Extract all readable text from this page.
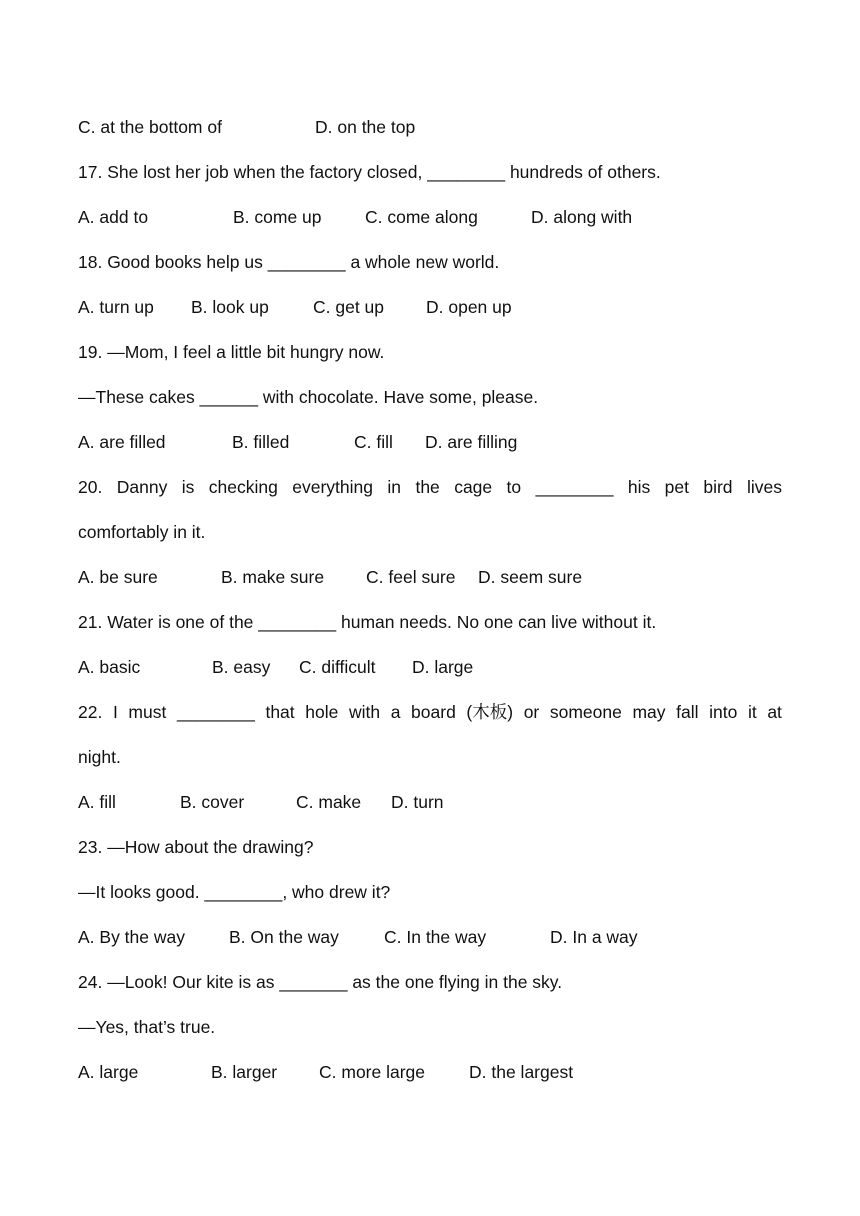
C. at the bottom of	D. on the top
17. She lost her job when the factory closed, ________ hundreds of others.
A. add to	B. come up C. come along	D. along with
18. Good books help us ________ a whole new world.
A. turn up B. look up	C. get up D. open up
19. —Mom, I feel a little bit hungry now.
—These cakes ______ with chocolate. Have some, please.
A. are filled	B. filled	C. fill D. are filling
20. Danny is checking everything in the cage to ________ his pet bird lives
comfortably in it.
A. be sure	B. make sure C. feel sure D. seem sure
21. Water is one of the ________ human needs. No one can live without it.
A. basic	B. easy C. difficult D. large
22. I must ________ that hole with a board (木板) or someone may fall into it at
night.
A. fill	B. cover	C. make D. turn
23. —How about the drawing?
—It looks good. ________, who drew it?
A. By the way	B. On the way	C. In the way	D. In a way
24. —Look! Our kite is as _______ as the one flying in the sky.
—Yes, that’s true.
A. large	B. larger C. more large	D. the largest
